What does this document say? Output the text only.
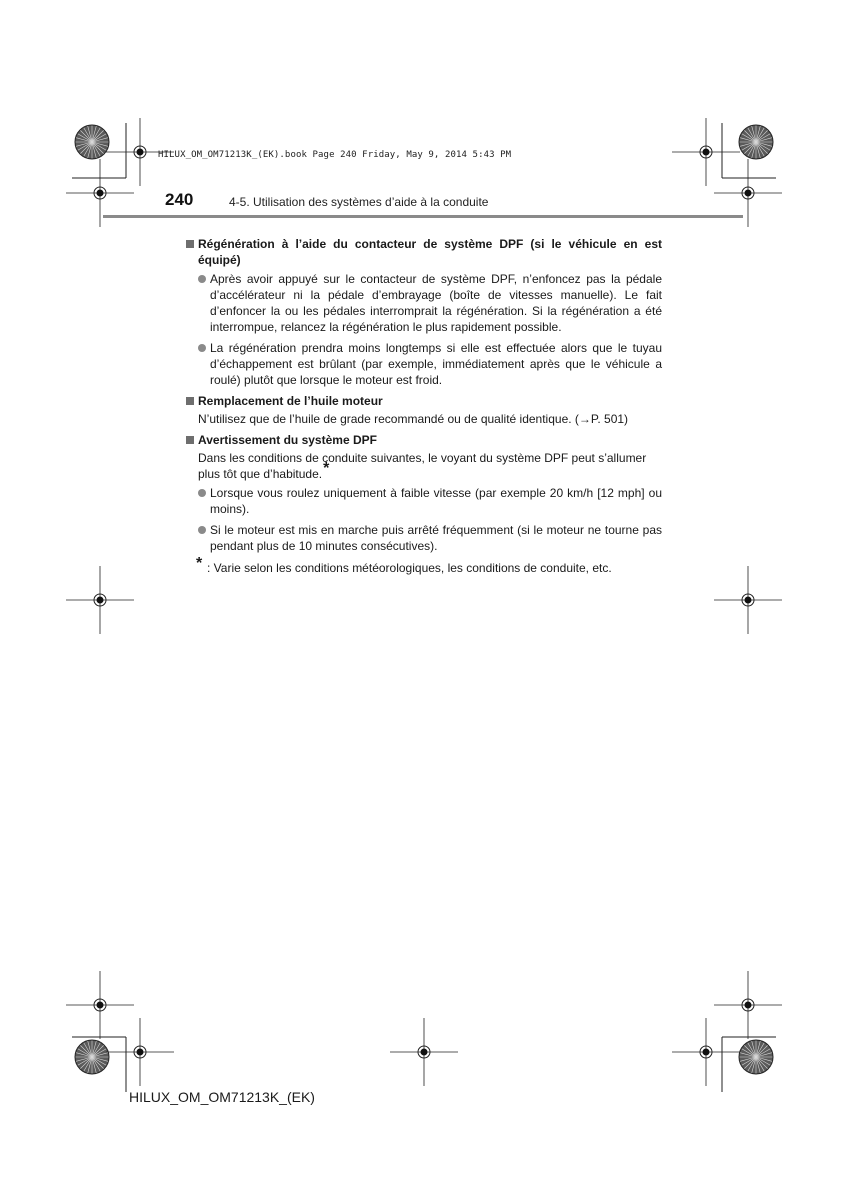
HILUX_OM_OM71213K_(EK).book Page 240 Friday, May 9, 2014 5:43 PM
240	4-5. Utilisation des systèmes d’aide à la conduite
Régénération à l’aide du contacteur de système DPF (si le véhicule en est équipé)
Après avoir appuyé sur le contacteur de système DPF, n’enfoncez pas la pédale d’accélérateur ni la pédale d’embrayage (boîte de vitesses manuelle). Le fait d’enfoncer la ou les pédales interromprait la régénération. Si la régénération a été interrompue, relancez la régénération le plus rapidement possible.
La régénération prendra moins longtemps si elle est effectuée alors que le tuyau d’échappement est brûlant (par exemple, immédiatement après que le véhicule a roulé) plutôt que lorsque le moteur est froid.
Remplacement de l’huile moteur
N’utilisez que de l’huile de grade recommandé ou de qualité identique. (→P. 501)
Avertissement du système DPF
Dans les conditions de conduite suivantes, le voyant du système DPF peut s’allumer plus tôt que d’habitude.*
Lorsque vous roulez uniquement à faible vitesse (par exemple 20 km/h [12 mph] ou moins).
Si le moteur est mis en marche puis arrêté fréquemment (si le moteur ne tourne pas pendant plus de 10 minutes consécutives).
* : Varie selon les conditions météorologiques, les conditions de conduite, etc.
HILUX_OM_OM71213K_(EK)
